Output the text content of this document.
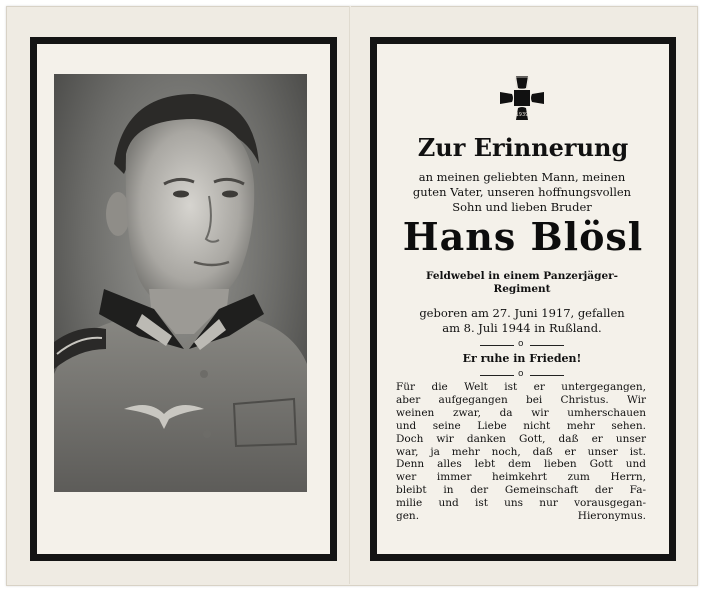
1939
Zur Erinnerung
an meinen geliebten Mann, meinen
guten Vater, unseren hoffnungsvollen
Sohn und lieben Bruder
Hans Blösl
Feldwebel in einem Panzerjäger-
Regiment
geboren am 27. Juni 1917, gefallen
am 8. Juli 1944 in Rußland.
o
Er ruhe in Frieden!
o
Für die Welt ist er untergegangen,
aber aufgegangen bei Christus. Wir
weinen zwar, da wir umherschauen
und seine Liebe nicht mehr sehen.
Doch wir danken Gott, daß er unser
war, ja mehr noch, daß er unser ist.
Denn alles lebt dem lieben Gott und
wer immer heimkehrt zum Herrn,
bleibt in der Gemeinschaft der Fa-
milie und ist uns nur vorausgegan-
gen.	Hieronymus.
